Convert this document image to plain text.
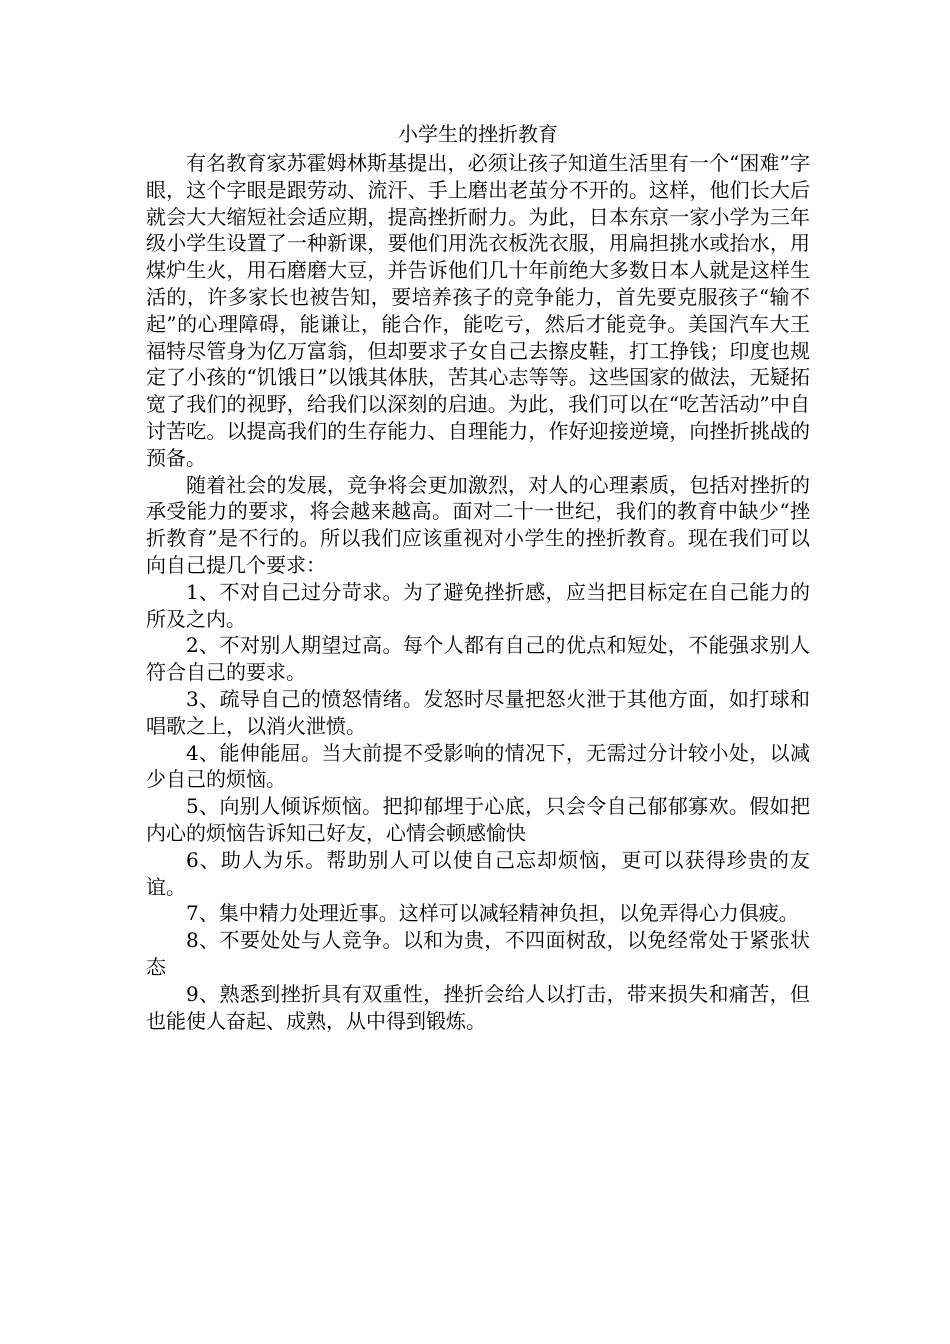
小学生的挫折教育

有名教育家苏霍姆林斯基提出，必须让孩子知道生活里有一个“困难”字眼，这个字眼是跟劳动、流汗、手上磨出老茧分不开的。这样，他们长大后就会大大缩短社会适应期，提高挫折耐力。为此，日本东京一家小学为三年级小学生设置了一种新课，要他们用洗衣板洗衣服，用扁担挑水或抬水，用煤炉生火，用石磨磨大豆，并告诉他们几十年前绝大多数日本人就是这样生活的，许多家长也被告知，要培养孩子的竞争能力，首先要克服孩子“输不起”的心理障碍，能谦让，能合作，能吃亏，然后才能竞争。美国汽车大王福特尽管身为亿万富翁，但却要求子女自己去擦皮鞋，打工挣钱；印度也规定了小孩的“饥饿日”以饿其体肤，苦其心志等等。这些国家的做法，无疑拓宽了我们的视野，给我们以深刻的启迪。为此，我们可以在“吃苦活动”中自讨苦吃。以提高我们的生存能力、自理能力，作好迎接逆境，向挫折挑战的预备。

随着社会的发展，竞争将会更加激烈，对人的心理素质，包括对挫折的承受能力的要求，将会越来越高。面对二十一世纪，我们的教育中缺少“挫折教育”是不行的。所以我们应该重视对小学生的挫折教育。现在我们可以向自己提几个要求：

1、不对自己过分苛求。为了避免挫折感，应当把目标定在自己能力的所及之内。

2、不对别人期望过高。每个人都有自己的优点和短处，不能强求别人符合自己的要求。

3、疏导自己的愤怒情绪。发怒时尽量把怒火泄于其他方面，如打球和唱歌之上，以消火泄愤。

4、能伸能屈。当大前提不受影响的情况下，无需过分计较小处，以减少自己的烦恼。

5、向别人倾诉烦恼。把抑郁埋于心底，只会令自己郁郁寡欢。假如把内心的烦恼告诉知己好友，心情会顿感愉快

6、助人为乐。帮助别人可以使自己忘却烦恼，更可以获得珍贵的友谊。

7、集中精力处理近事。这样可以减轻精神负担，以免弄得心力俱疲。

8、不要处处与人竞争。以和为贵，不四面树敌，以免经常处于紧张状态

9、熟悉到挫折具有双重性，挫折会给人以打击，带来损失和痛苦，但也能使人奋起、成熟，从中得到锻炼。
